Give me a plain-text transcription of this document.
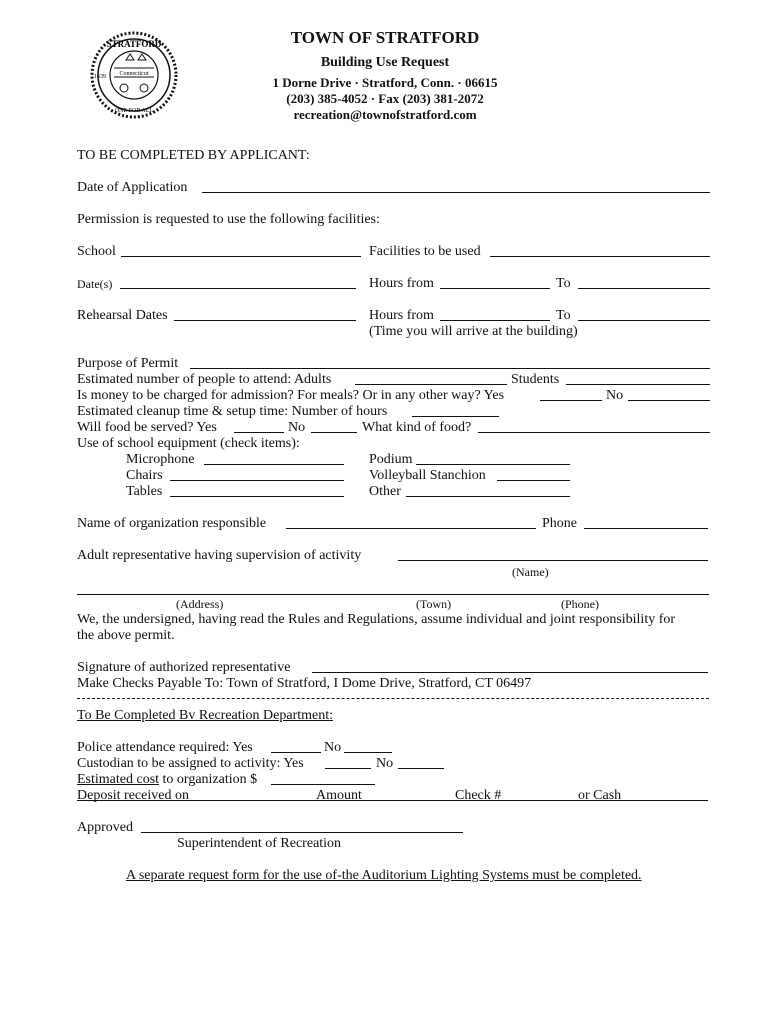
STRATFORD
Connecticut
ONE FOR ALL
1639
TOWN OF STRATFORD
Building Use Request
1 Dorne Drive · Stratford, Conn. · 06615
(203) 385-4052 · Fax (203) 381-2072
recreation@townofstratford.com
TO BE COMPLETED BY APPLICANT:
Date of Application
Permission is requested to use the following facilities:
School	Facilities to be used
Date(s)	Hours from	To
Rehearsal Dates	Hours from	To
(Time you will arrive at the building)
Purpose of Permit
Estimated number of people to attend: Adults	Students
Is money to be charged for admission? For meals? Or in any other way? Yes	No
Estimated cleanup time & setup time: Number of hours
Will food be served? Yes	No	What kind of food?
Use of school equipment (check items):
Microphone	Podium
Chairs	Volleyball Stanchion
Tables	Other
Name of organization responsible	Phone
Adult representative having supervision of activity
(Name)
(Address)	(Town)	(Phone)
We, the undersigned, having read the Rules and Regulations, assume individual and joint responsibility for
the above permit.
Signature of authorized representative
Make Checks Payable To: Town of Stratford, I Dome Drive, Stratford, CT 06497
To Be Completed Bv Recreation Department:
Police attendance required: Yes	No
Custodian to be assigned to activity: Yes	No
Estimated cost to organization $
Deposit received on	Amount	Check #	or Cash
Approved
Superintendent of Recreation
A separate request form for the use of-the Auditorium Lighting Systems must be completed.
